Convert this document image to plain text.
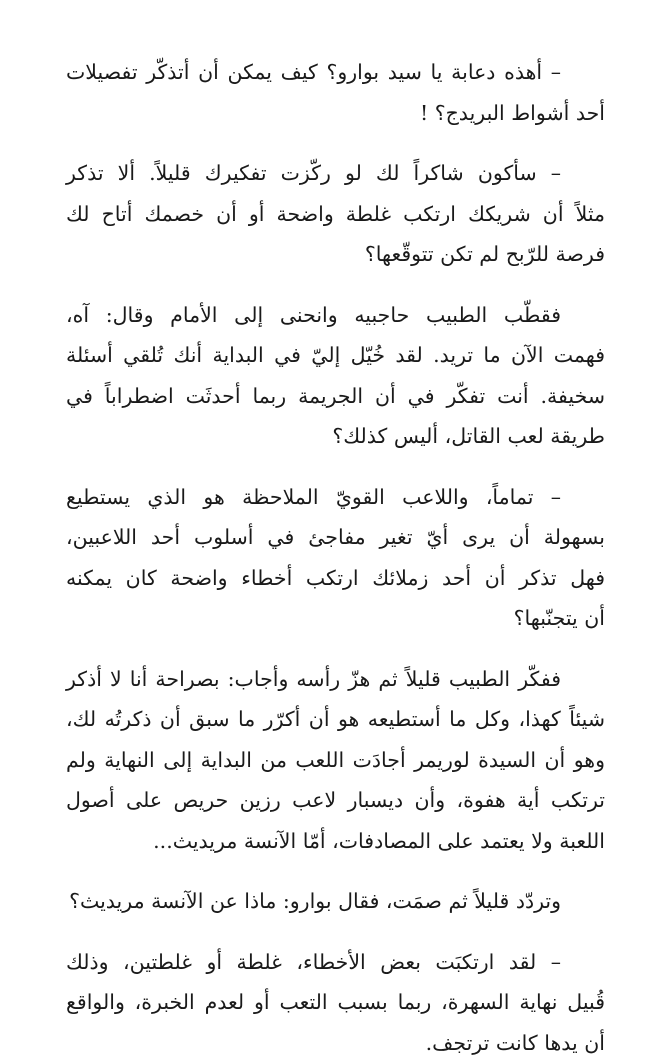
– أهذه دعابة يا سيد بوارو؟ كيف يمكن أن أتذكّر تفصيلات
أحد أشواط البريدج؟ !

– سأكون شاكراً لك لو ركّزت تفكيرك قليلاً. ألا تذكر
مثلاً أن شريكك ارتكب غلطة واضحة أو أن خصمك أتاح لك
فرصة للرّبح لم تكن تتوقّعها؟

فقطّب الطبيب حاجبيه وانحنى إلى الأمام وقال: آه،
فهمت الآن ما تريد. لقد خُيّل إليّ في البداية أنك تُلقي أسئلة
سخيفة. أنت تفكّر في أن الجريمة ربما أحدثَت اضطراباً في
طريقة لعب القاتل، أليس كذلك؟

– تماماً، واللاعب القويّ الملاحظة هو الذي يستطيع
بسهولة أن يرى أيّ تغير مفاجئ في أسلوب أحد اللاعبين،
فهل تذكر أن أحد زملائك ارتكب أخطاء واضحة كان يمكنه
أن يتجنّبها؟

ففكّر الطبيب قليلاً ثم هزّ رأسه وأجاب: بصراحة أنا لا أذكر
شيئاً كهذا، وكل ما أستطيعه هو أن أكرّر ما سبق أن ذكرتُه لك،
وهو أن السيدة لوريمر أجادَت اللعب من البداية إلى النهاية ولم
ترتكب أية هفوة، وأن ديسبار لاعب رزين حريص على أصول
اللعبة ولا يعتمد على المصادفات، أمّا الآنسة مريديث...

وتردّد قليلاً ثم صمَت، فقال بوارو: ماذا عن الآنسة مريديث؟

– لقد ارتكبَت بعض الأخطاء، غلطة أو غلطتين، وذلك
قُبيل نهاية السهرة، ربما بسبب التعب أو لعدم الخبرة، والواقع
أن يدها كانت ترتجف.
